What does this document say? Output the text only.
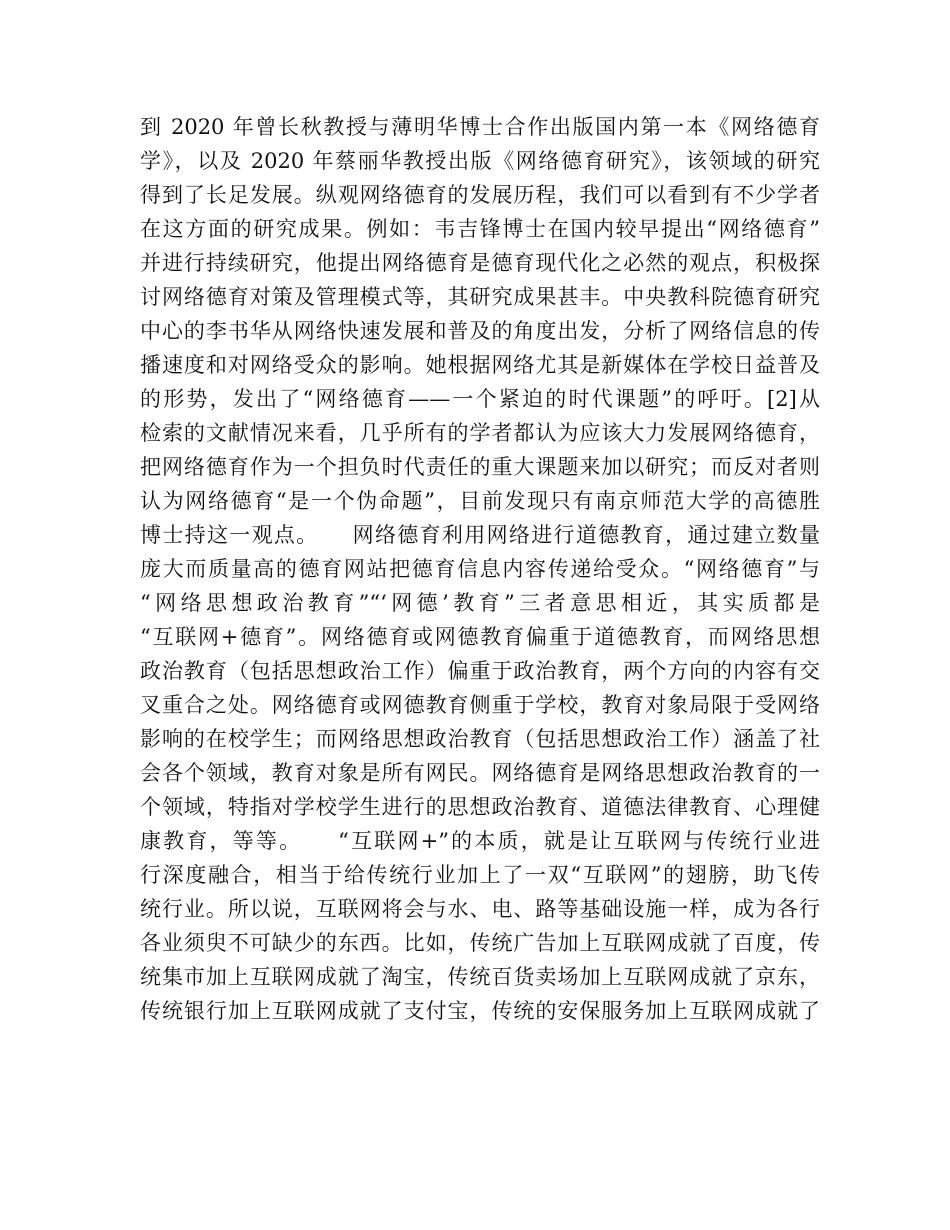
到 2020 年曾长秋教授与薄明华博士合作出版国内第一本《网络德育
学》，以及 2020 年蔡丽华教授出版《网络德育研究》，该领域的研究
得到了长足发展。纵观网络德育的发展历程，我们可以看到有不少学者
在这方面的研究成果。例如：韦吉锋博士在国内较早提出“网络德育”
并进行持续研究，他提出网络德育是德育现代化之必然的观点，积极探
讨网络德育对策及管理模式等，其研究成果甚丰。中央教科院德育研究
中心的李书华从网络快速发展和普及的角度出发，分析了网络信息的传
播速度和对网络受众的影响。她根据网络尤其是新媒体在学校日益普及
的形势，发出了“网络德育——一个紧迫的时代课题”的呼吁。[2]从
检索的文献情况来看，几乎所有的学者都认为应该大力发展网络德育，
把网络德育作为一个担负时代责任的重大课题来加以研究；而反对者则
认为网络德育“是一个伪命题”，目前发现只有南京师范大学的高德胜
博士持这一观点。　　网络德育利用网络进行道德教育，通过建立数量
庞大而质量高的德育网站把德育信息内容传递给受众。“网络德育”与
“网络思想政治教育”“‘网德’教育”三者意思相近，其实质都是
“互联网+德育”。网络德育或网德教育偏重于道德教育，而网络思想
政治教育（包括思想政治工作）偏重于政治教育，两个方向的内容有交
叉重合之处。网络德育或网德教育侧重于学校，教育对象局限于受网络
影响的在校学生；而网络思想政治教育（包括思想政治工作）涵盖了社
会各个领域，教育对象是所有网民。网络德育是网络思想政治教育的一
个领域，特指对学校学生进行的思想政治教育、道德法律教育、心理健
康教育，等等。　　“互联网+”的本质，就是让互联网与传统行业进
行深度融合，相当于给传统行业加上了一双“互联网”的翅膀，助飞传
统行业。所以说，互联网将会与水、电、路等基础设施一样，成为各行
各业须臾不可缺少的东西。比如，传统广告加上互联网成就了百度，传
统集市加上互联网成就了淘宝，传统百货卖场加上互联网成就了京东，
传统银行加上互联网成就了支付宝，传统的安保服务加上互联网成就了
